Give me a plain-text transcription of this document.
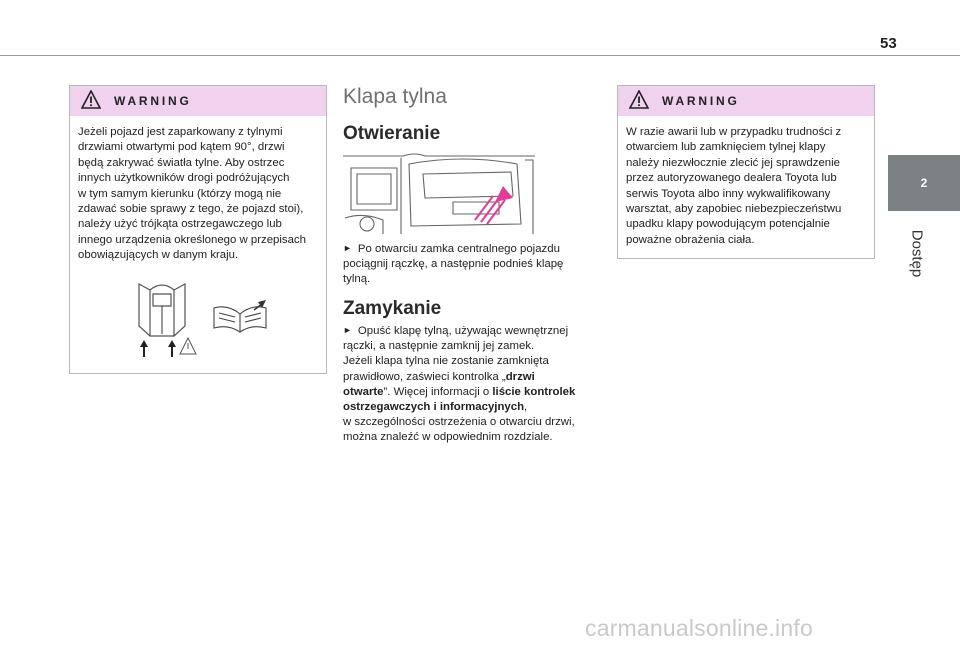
53
2
Dostęp
WARNING
Jeżeli pojazd jest zaparkowany z tylnymi
drzwiami otwartymi pod kątem 90°, drzwi
będą zakrywać światła tylne. Aby ostrzec
innych użytkowników drogi podróżujących
w tym samym kierunku (którzy mogą nie
zdawać sobie sprawy z tego, że pojazd stoi),
należy użyć trójkąta ostrzegawczego lub
innego urządzenia określonego w przepisach
obowiązujących w danym kraju.
Klapa tylna
Otwieranie
► Po otwarciu zamka centralnego pojazdu
pociągnij rączkę, a następnie podnieś klapę
tylną.
Zamykanie
► Opuść klapę tylną, używając wewnętrznej
rączki, a następnie zamknij jej zamek.
Jeżeli klapa tylna nie zostanie zamknięta
prawidłowo, zaświeci kontrolka „drzwi
otwarte”. Więcej informacji o liście kontrolek
ostrzegawczych i informacyjnych,
w szczególności ostrzeżenia o otwarciu drzwi,
można znaleźć w odpowiednim rozdziale.
WARNING
W razie awarii lub w przypadku trudności z
otwarciem lub zamknięciem tylnej klapy
należy niezwłocznie zlecić jej sprawdzenie
przez autoryzowanego dealera Toyota lub
serwis Toyota albo inny wykwalifikowany
warsztat, aby zapobiec niebezpieczeństwu
upadku klapy powodującym potencjalnie
poważne obrażenia ciała.
carmanualsonline.info
